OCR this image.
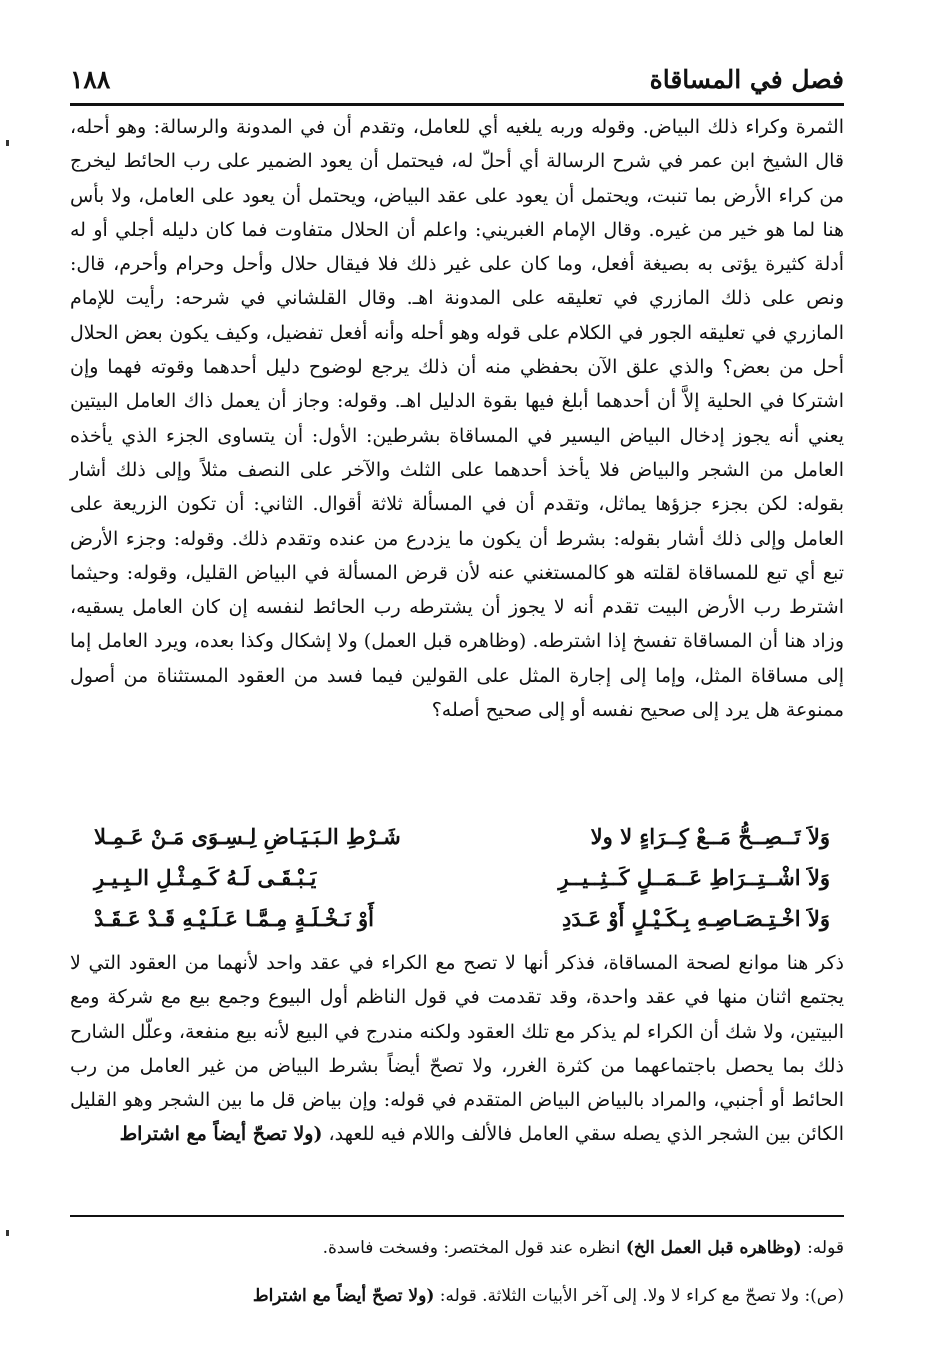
١٨٨	فصل في المساقاة

الثمرة وكراء ذلك البياض. وقوله وربه يلغيه أي للعامل، وتقدم أن في المدونة والرسالة: وهو أحله، قال الشيخ ابن عمر في شرح الرسالة أي أحلّ له، فيحتمل أن يعود الضمير على رب الحائط ليخرج من كراء الأرض بما تنبت، ويحتمل أن يعود على عقد البياض، ويحتمل أن يعود على العامل، ولا بأس هنا لما هو خير من غيره. وقال الإمام الغبريني: واعلم أن الحلال متفاوت فما كان دليله أجلي أو له أدلة كثيرة يؤتى به بصيغة أفعل، وما كان على غير ذلك فلا فيقال حلال وأحل وحرام وأحرم، قال: ونص على ذلك المازري في تعليقه على المدونة اهـ. وقال القلشاني في شرحه: رأيت للإمام المازري في تعليقه الجور في الكلام على قوله وهو أحله وأنه أفعل تفضيل، وكيف يكون بعض الحلال أحل من بعض؟ والذي علق الآن بحفظي منه أن ذلك يرجع لوضوح دليل أحدهما وقوته فهما وإن اشتركا في الحلية إلاَّ أن أحدهما أبلغ فيها بقوة الدليل اهـ. وقوله: وجاز أن يعمل ذاك العامل البيتين يعني أنه يجوز إدخال البياض اليسير في المساقاة بشرطين: الأول: أن يتساوى الجزء الذي يأخذه العامل من الشجر والبياض فلا يأخذ أحدهما على الثلث والآخر على النصف مثلاً وإلى ذلك أشار بقوله: لكن بجزء جزؤها يماثل، وتقدم أن في المسألة ثلاثة أقوال. الثاني: أن تكون الزريعة على العامل وإلى ذلك أشار بقوله: بشرط أن يكون ما يزدرع من عنده وتقدم ذلك. وقوله: وجزء الأرض تبع أي تبع للمساقاة لقلته هو كالمستغني عنه لأن قرض المسألة في البياض القليل، وقوله: وحيثما اشترط رب الأرض البيت تقدم أنه لا يجوز أن يشترطه رب الحائط لنفسه إن كان العامل يسقيه، وزاد هنا أن المساقاة تفسخ إذا اشترطه. (وظاهره قبل العمل) ولا إشكال وكذا بعده، ويرد العامل إما إلى مساقاة المثل، وإما إلى إجارة المثل على القولين فيما فسد من العقود المستثناة من أصول ممنوعة هل يرد إلى صحيح نفسه أو إلى صحيح أصله؟

وَلاَ تَــصِــحُّ مَــعْ كِــرَاءٍ لا ولا
شَـرْطِ الـبَـيَـاضِ لِـسِـوَى مَـنْ عَـمِـلا
وَلاَ اشْــتِــرَاطِ عَــمَــلٍ كَــثِــيــرِ
يَـبْـقَـى لَـهُ كَـمِـثْـلِ الـبِـيـرِ
وَلاَ اخْـتِـصَـاصِـهِ بِـكَـيْـلٍ أَوْ عَـدَدِ
أَوْ نَـخْـلَـةٍ مِـمَّـا عَـلَـيْـهِ قَـدْ عَـقَـدْ

ذكر هنا موانع لصحة المساقاة، فذكر أنها لا تصح مع الكراء في عقد واحد لأنهما من العقود التي لا يجتمع اثنان منها في عقد واحدة، وقد تقدمت في قول الناظم أول البيوع وجمع بيع مع شركة ومع البيتين، ولا شك أن الكراء لم يذكر مع تلك العقود ولكنه مندرج في البيع لأنه بيع منفعة، وعلّل الشارح ذلك بما يحصل باجتماعهما من كثرة الغرر، ولا تصحّ أيضاً بشرط البياض من غير العامل من رب الحائط أو أجنبي، والمراد بالبياض البياض المتقدم في قوله: وإن بياض قل ما بين الشجر وهو القليل الكائن بين الشجر الذي يصله سقي العامل فالألف واللام فيه للعهد، (ولا تصحّ أيضاً مع اشتراط

قوله: (وظاهره قبل العمل الخ) انظره عند قول المختصر: وفسخت فاسدة.

(ص): ولا تصحّ مع كراء لا ولا. إلى آخر الأبيات الثلاثة. قوله: (ولا تصحّ أيضاً مع اشتراط
